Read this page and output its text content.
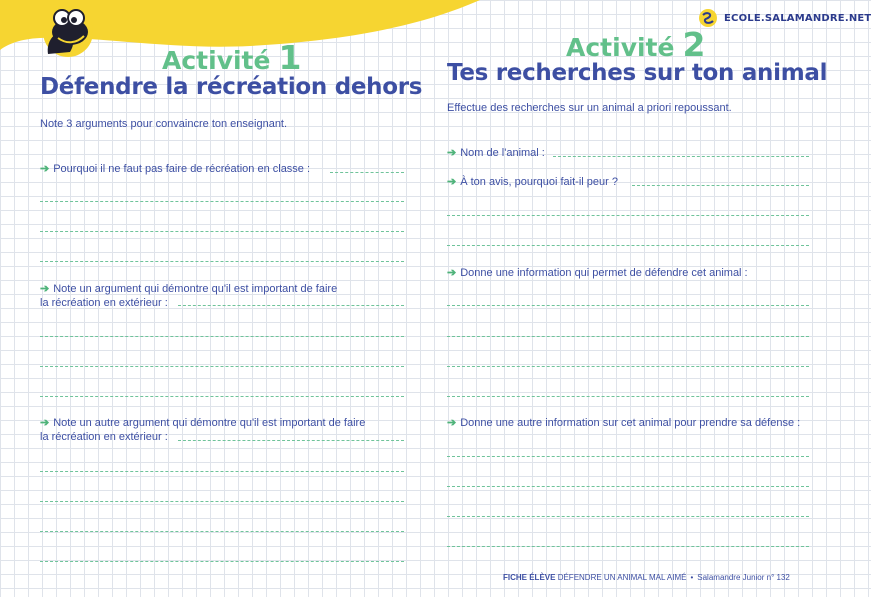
ECOLE.SALAMANDRE.NET
Activité 1
Défendre la récréation dehors
Note 3 arguments pour convaincre ton enseignant.
➔ Pourquoi il ne faut pas faire de récréation en classe :
➔ Note un argument qui démontre qu'il est important de faire
la récréation en extérieur :
➔ Note un autre argument qui démontre qu'il est important de faire
la récréation en extérieur :
Activité 2
Tes recherches sur ton animal
Effectue des recherches sur un animal a priori repoussant.
➔ Nom de l'animal :
➔ À ton avis, pourquoi fait-il peur ?
➔ Donne une information qui permet de défendre cet animal :
➔ Donne une autre information sur cet animal pour prendre sa défense :
FICHE ÉLÈVE DÉFENDRE UN ANIMAL MAL AIMÉ • Salamandre Junior n° 132
